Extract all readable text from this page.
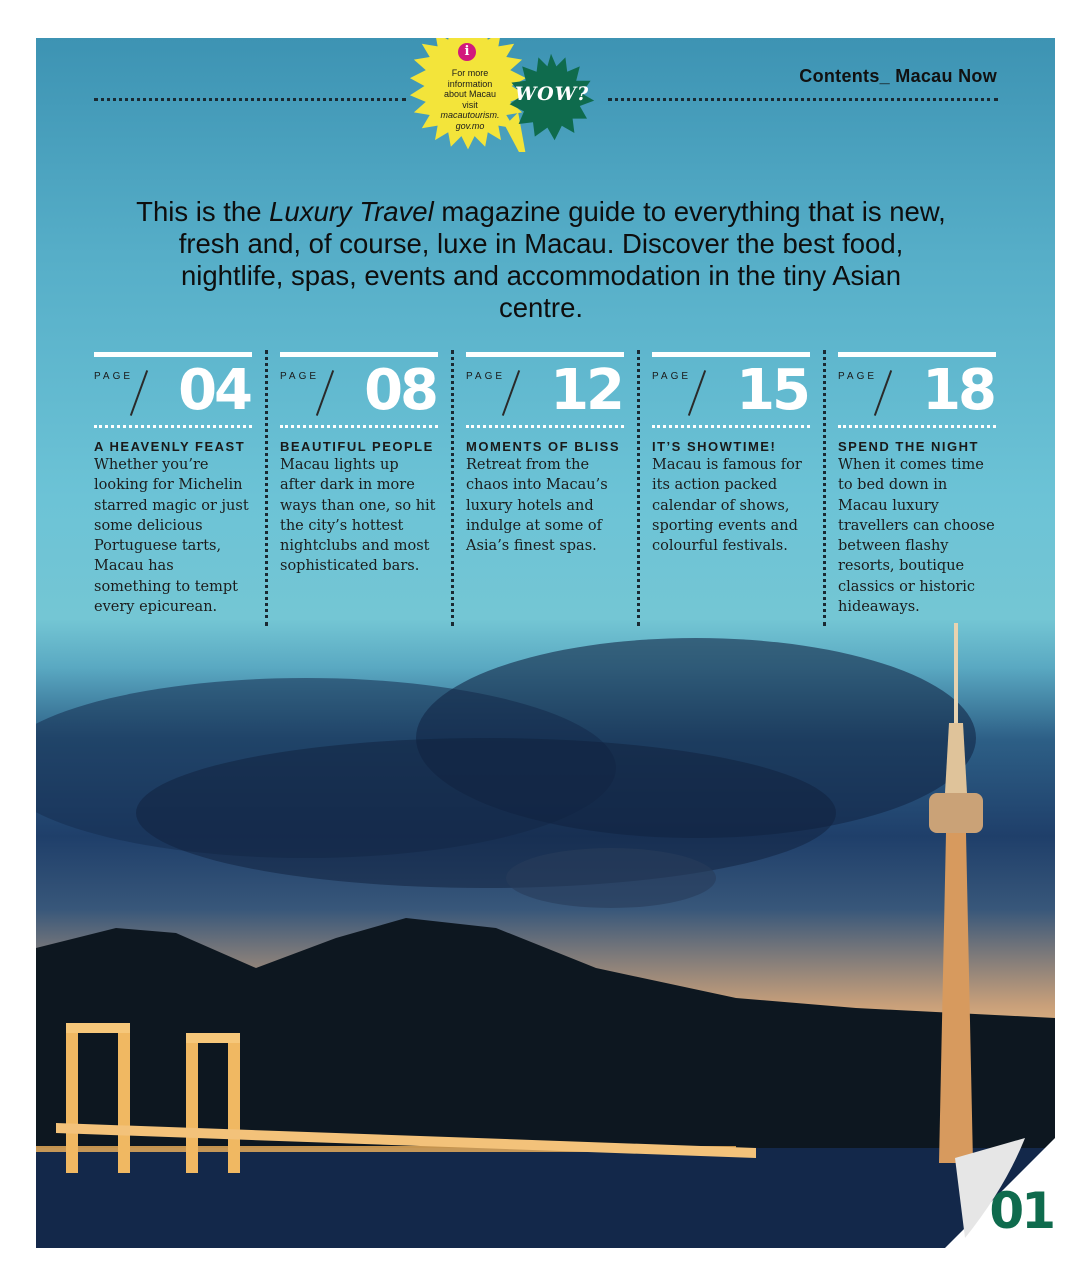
Contents_ Macau Now
i
For more
information
about Macau
visit
macautourism.
gov.mo
WOW?
This is the Luxury Travel magazine guide to everything that is new, fresh and, of course, luxe in Macau. Discover the best food, nightlife, spas, events and accommodation in the tiny Asian centre.
PAGE 04
A HEAVENLY FEAST
Whether you’re looking for Michelin starred magic or just some delicious Portuguese tarts, Macau has something to tempt every epicurean.
PAGE 08
BEAUTIFUL PEOPLE
Macau lights up after dark in more ways than one, so hit the city’s hottest nightclubs and most sophisticated bars.
PAGE 12
MOMENTS OF BLISS
Retreat from the chaos into Macau’s luxury hotels and indulge at some of Asia’s finest spas.
PAGE 15
IT’S SHOWTIME!
Macau is famous for its action packed calendar of shows, sporting events and colourful festivals.
PAGE 18
SPEND THE NIGHT
When it comes time to bed down in Macau luxury travellers can choose between flashy resorts, boutique classics or historic hideaways.
01
